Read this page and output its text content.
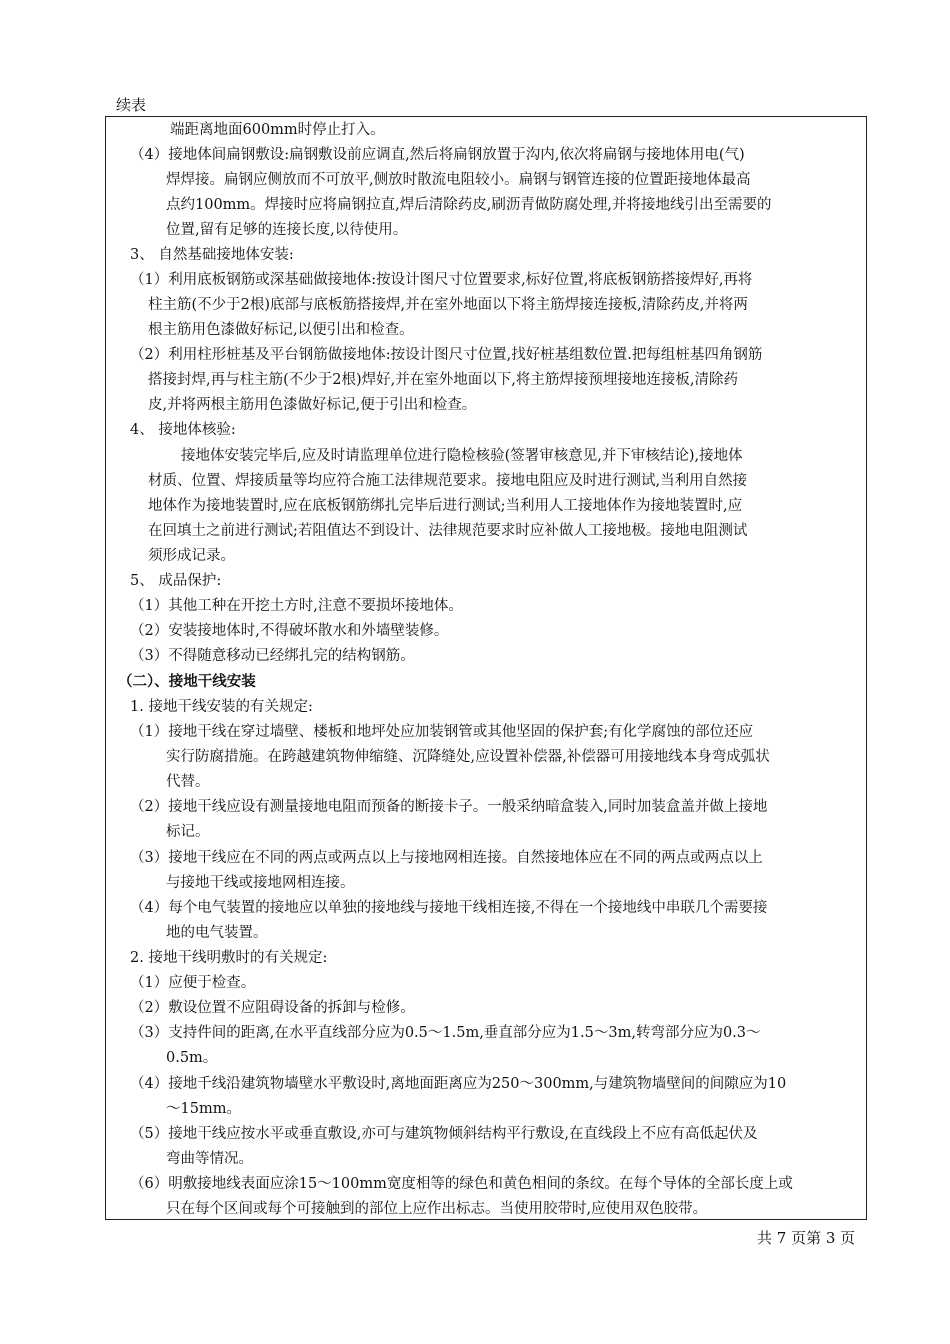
续表
端距离地面600mm时停止打入。
（4）接地体间扁钢敷设:扁钢敷设前应调直,然后将扁钢放置于沟内,依次将扁钢与接地体用电(气)
焊焊接。扁钢应侧放而不可放平,侧放时散流电阻较小。扁钢与钢管连接的位置距接地体最高
点约100mm。焊接时应将扁钢拉直,焊后清除药皮,刷沥青做防腐处理,并将接地线引出至需要的
位置,留有足够的连接长度,以待使用。
3、 自然基础接地体安装:
（1）利用底板钢筋或深基础做接地体:按设计图尺寸位置要求,标好位置,将底板钢筋搭接焊好,再将
柱主筋(不少于2根)底部与底板筋搭接焊,并在室外地面以下将主筋焊接连接板,清除药皮,并将两
根主筋用色漆做好标记,以便引出和检查。
（2）利用柱形桩基及平台钢筋做接地体:按设计图尺寸位置,找好桩基组数位置.把每组桩基四角钢筋
搭接封焊,再与柱主筋(不少于2根)焊好,并在室外地面以下,将主筋焊接预埋接地连接板,清除药
皮,并将两根主筋用色漆做好标记,便于引出和检查。
4、 接地体核验:
接地体安装完毕后,应及时请监理单位进行隐检核验(签署审核意见,并下审核结论),接地体
材质、位置、焊接质量等均应符合施工法律规范要求。接地电阻应及时进行测试,当利用自然接
地体作为接地装置时,应在底板钢筋绑扎完毕后进行测试;当利用人工接地体作为接地装置时,应
在回填土之前进行测试;若阻值达不到设计、法律规范要求时应补做人工接地极。接地电阻测试
须形成记录。
5、 成品保护:
（1）其他工种在开挖土方时,注意不要损坏接地体。
（2）安装接地体时,不得破坏散水和外墙壁装修。
（3）不得随意移动已经绑扎完的结构钢筋。
（二）、接地干线安装
1. 接地干线安装的有关规定:
（1）接地干线在穿过墙壁、楼板和地坪处应加装钢管或其他坚固的保护套;有化学腐蚀的部位还应
实行防腐措施。在跨越建筑物伸缩缝、沉降缝处,应设置补偿器,补偿器可用接地线本身弯成弧状
代替。
（2）接地干线应设有测量接地电阻而预备的断接卡子。一般采纳暗盒装入,同时加装盒盖并做上接地
标记。
（3）接地干线应在不同的两点或两点以上与接地网相连接。自然接地体应在不同的两点或两点以上
与接地干线或接地网相连接。
（4）每个电气装置的接地应以单独的接地线与接地干线相连接,不得在一个接地线中串联几个需要接
地的电气装置。
2. 接地干线明敷时的有关规定:
（1）应便于检查。
（2）敷设位置不应阻碍设备的拆卸与检修。
（3）支持件间的距离,在水平直线部分应为0.5～1.5m,垂直部分应为1.5～3m,转弯部分应为0.3～
0.5m。
（4）接地千线沿建筑物墙壁水平敷设时,离地面距离应为250～300mm,与建筑物墙壁间的间隙应为10
～15mm。
（5）接地干线应按水平或垂直敷设,亦可与建筑物倾斜结构平行敷设,在直线段上不应有高低起伏及
弯曲等情况。
（6）明敷接地线表面应涂15～100mm宽度相等的绿色和黄色相间的条纹。在每个导体的全部长度上或
只在每个区间或每个可接触到的部位上应作出标志。当使用胶带时,应使用双色胶带。
共 7 页第 3 页
